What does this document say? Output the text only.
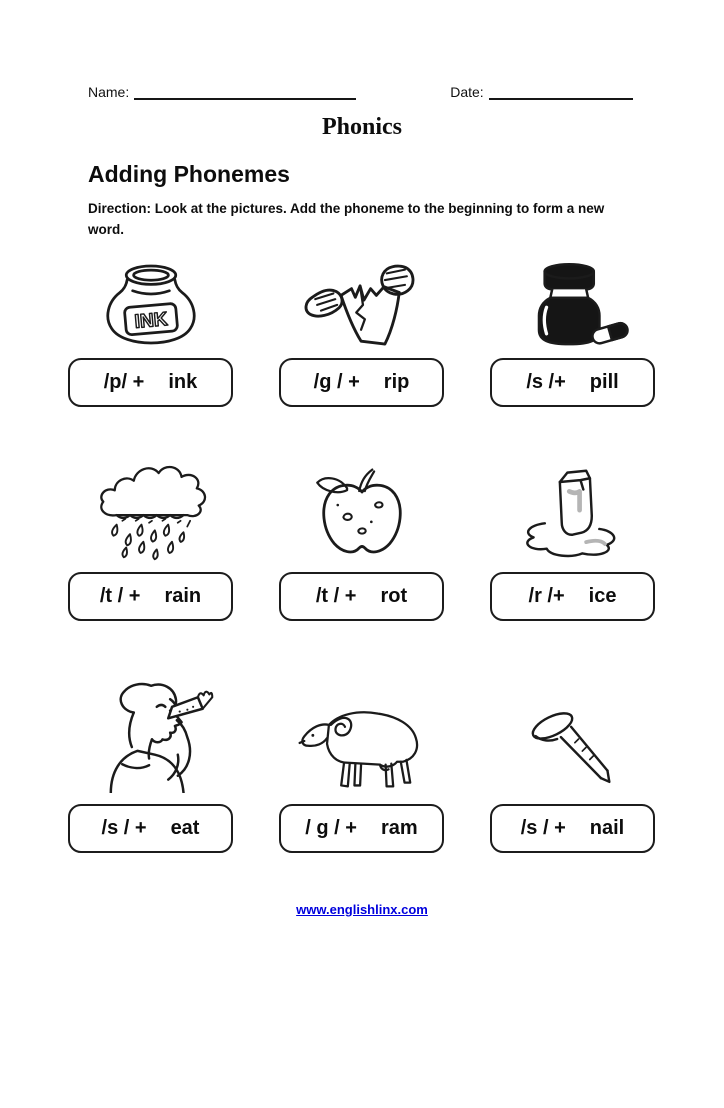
Name:	Date:
Phonics
Adding Phonemes
Direction: Look at the pictures. Add the phoneme to the beginning to form a new word.
INK
/p/ + ink	/g / + rip	/s /+ pill
/t / + rain	/t / + rot	/r /+ ice
/s / + eat	/ g / + ram	/s / + nail
www.englishlinx.com
